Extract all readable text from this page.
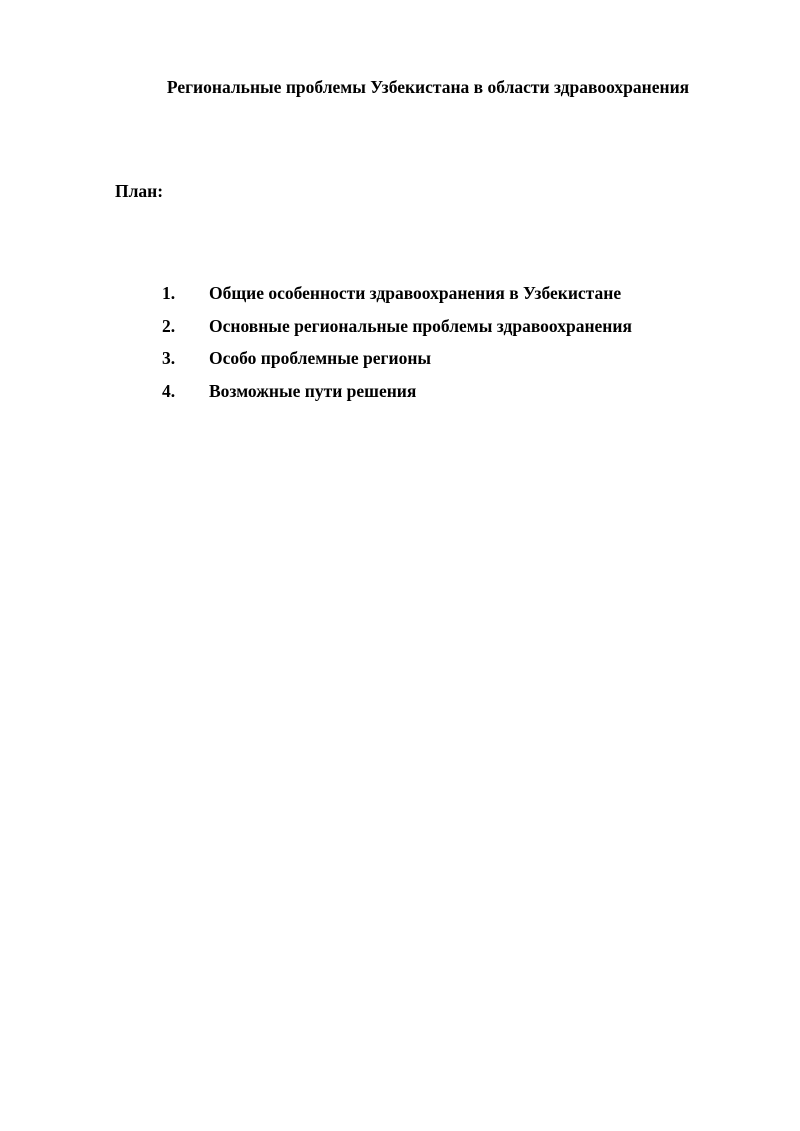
Региональные проблемы Узбекистана в области здравоохранения

План:

1. Общие особенности здравоохранения в Узбекистане
2. Основные региональные проблемы здравоохранения
3. Особо проблемные регионы
4. Возможные пути решения
